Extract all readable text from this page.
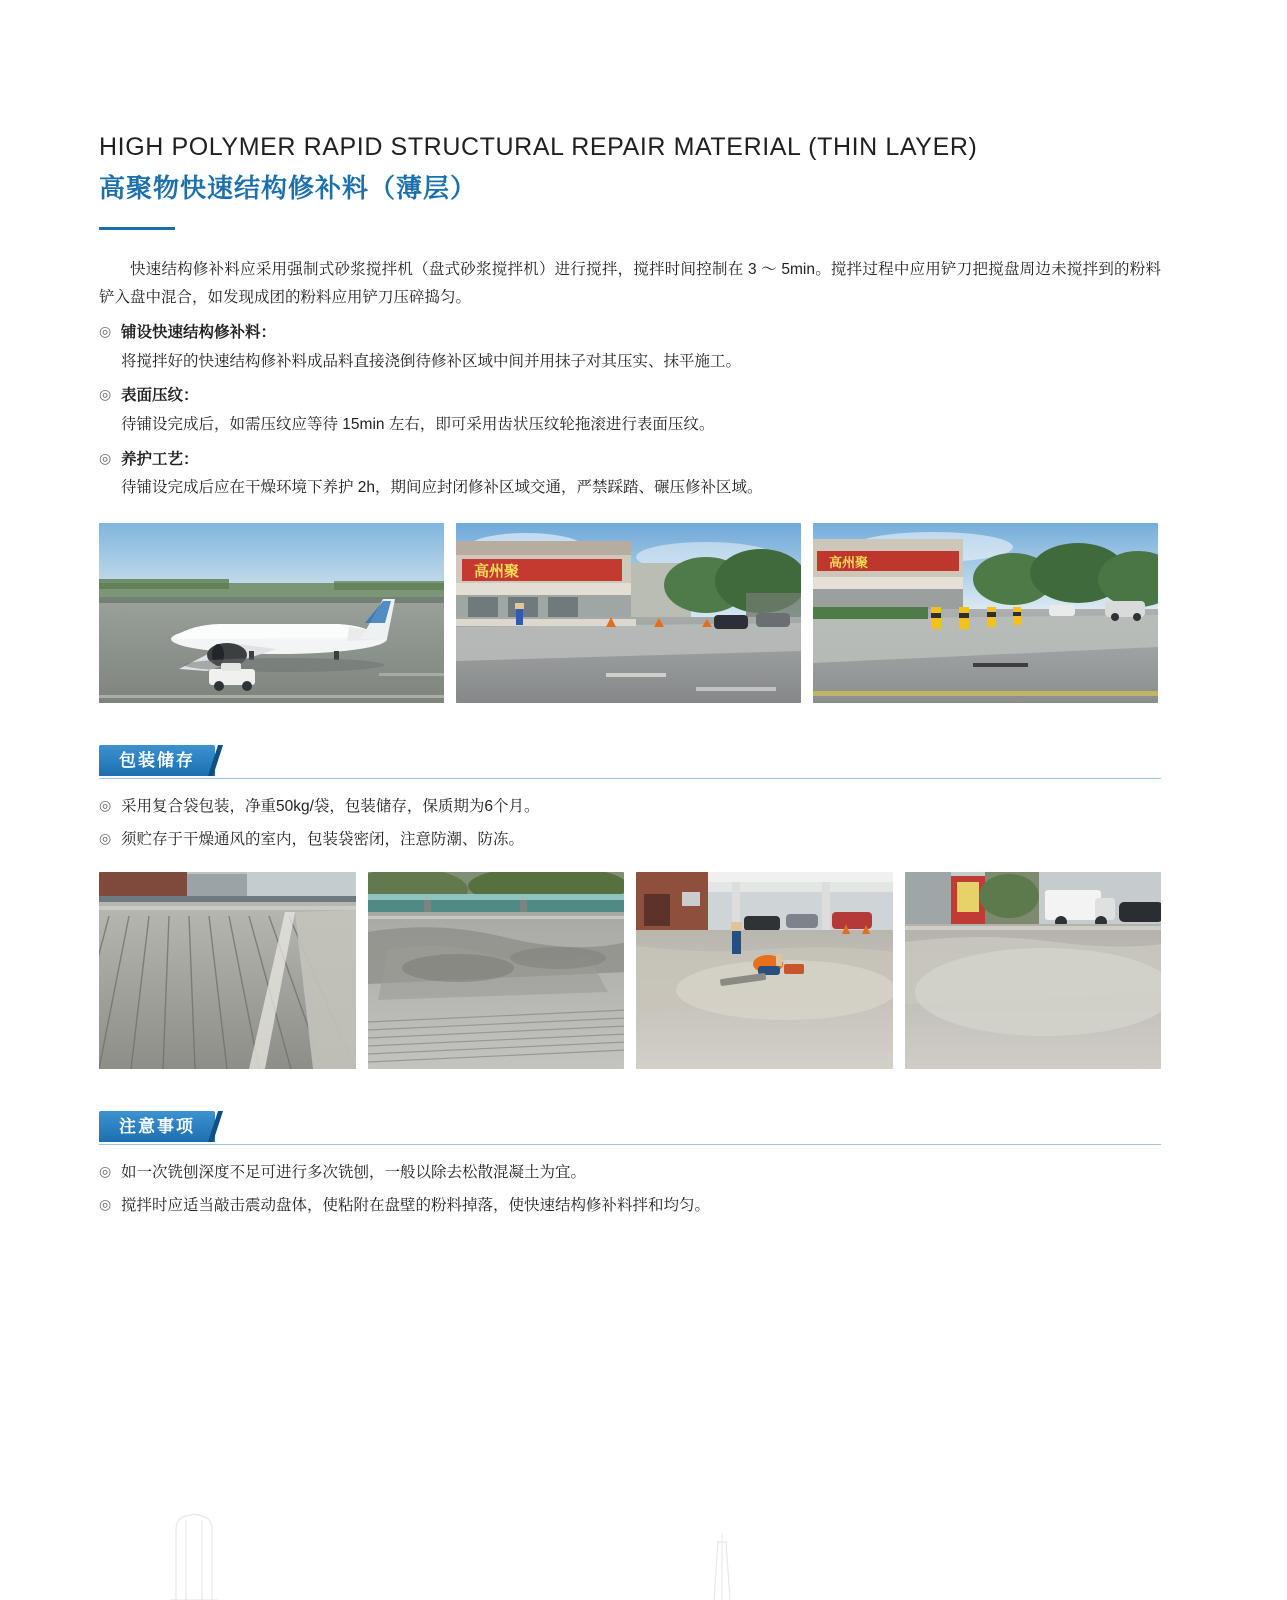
HIGH POLYMER RAPID STRUCTURAL REPAIR MATERIAL (THIN LAYER)
高聚物快速结构修补料（薄层）

快速结构修补料应采用强制式砂浆搅拌机（盘式砂浆搅拌机）进行搅拌，搅拌时间控制在 3 ～ 5min。搅拌过程中应用铲刀把搅盘周边未搅拌到的粉料铲入盘中混合，如发现成团的粉料应用铲刀压碎捣匀。

◎ 铺设快速结构修补料：

将搅拌好的快速结构修补料成品料直接浇倒待修补区域中间并用抹子对其压实、抹平施工。

◎ 表面压纹：

待铺设完成后，如需压纹应等待 15min 左右，即可采用齿状压纹轮拖滚进行表面压纹。

◎ 养护工艺：

待铺设完成后应在干燥环境下养护 2h，期间应封闭修补区域交通，严禁踩踏、碾压修补区域。

高州聚
高州聚
包装储存
◎ 采用复合袋包装，净重50kg/袋，包装储存，保质期为6个月。
◎ 须贮存于干燥通风的室内，包装袋密闭，注意防潮、防冻。
注意事项
◎ 如一次铣刨深度不足可进行多次铣刨，一般以除去松散混凝土为宜。
◎ 搅拌时应适当敲击震动盘体，使粘附在盘壁的粉料掉落，使快速结构修补料拌和均匀。
